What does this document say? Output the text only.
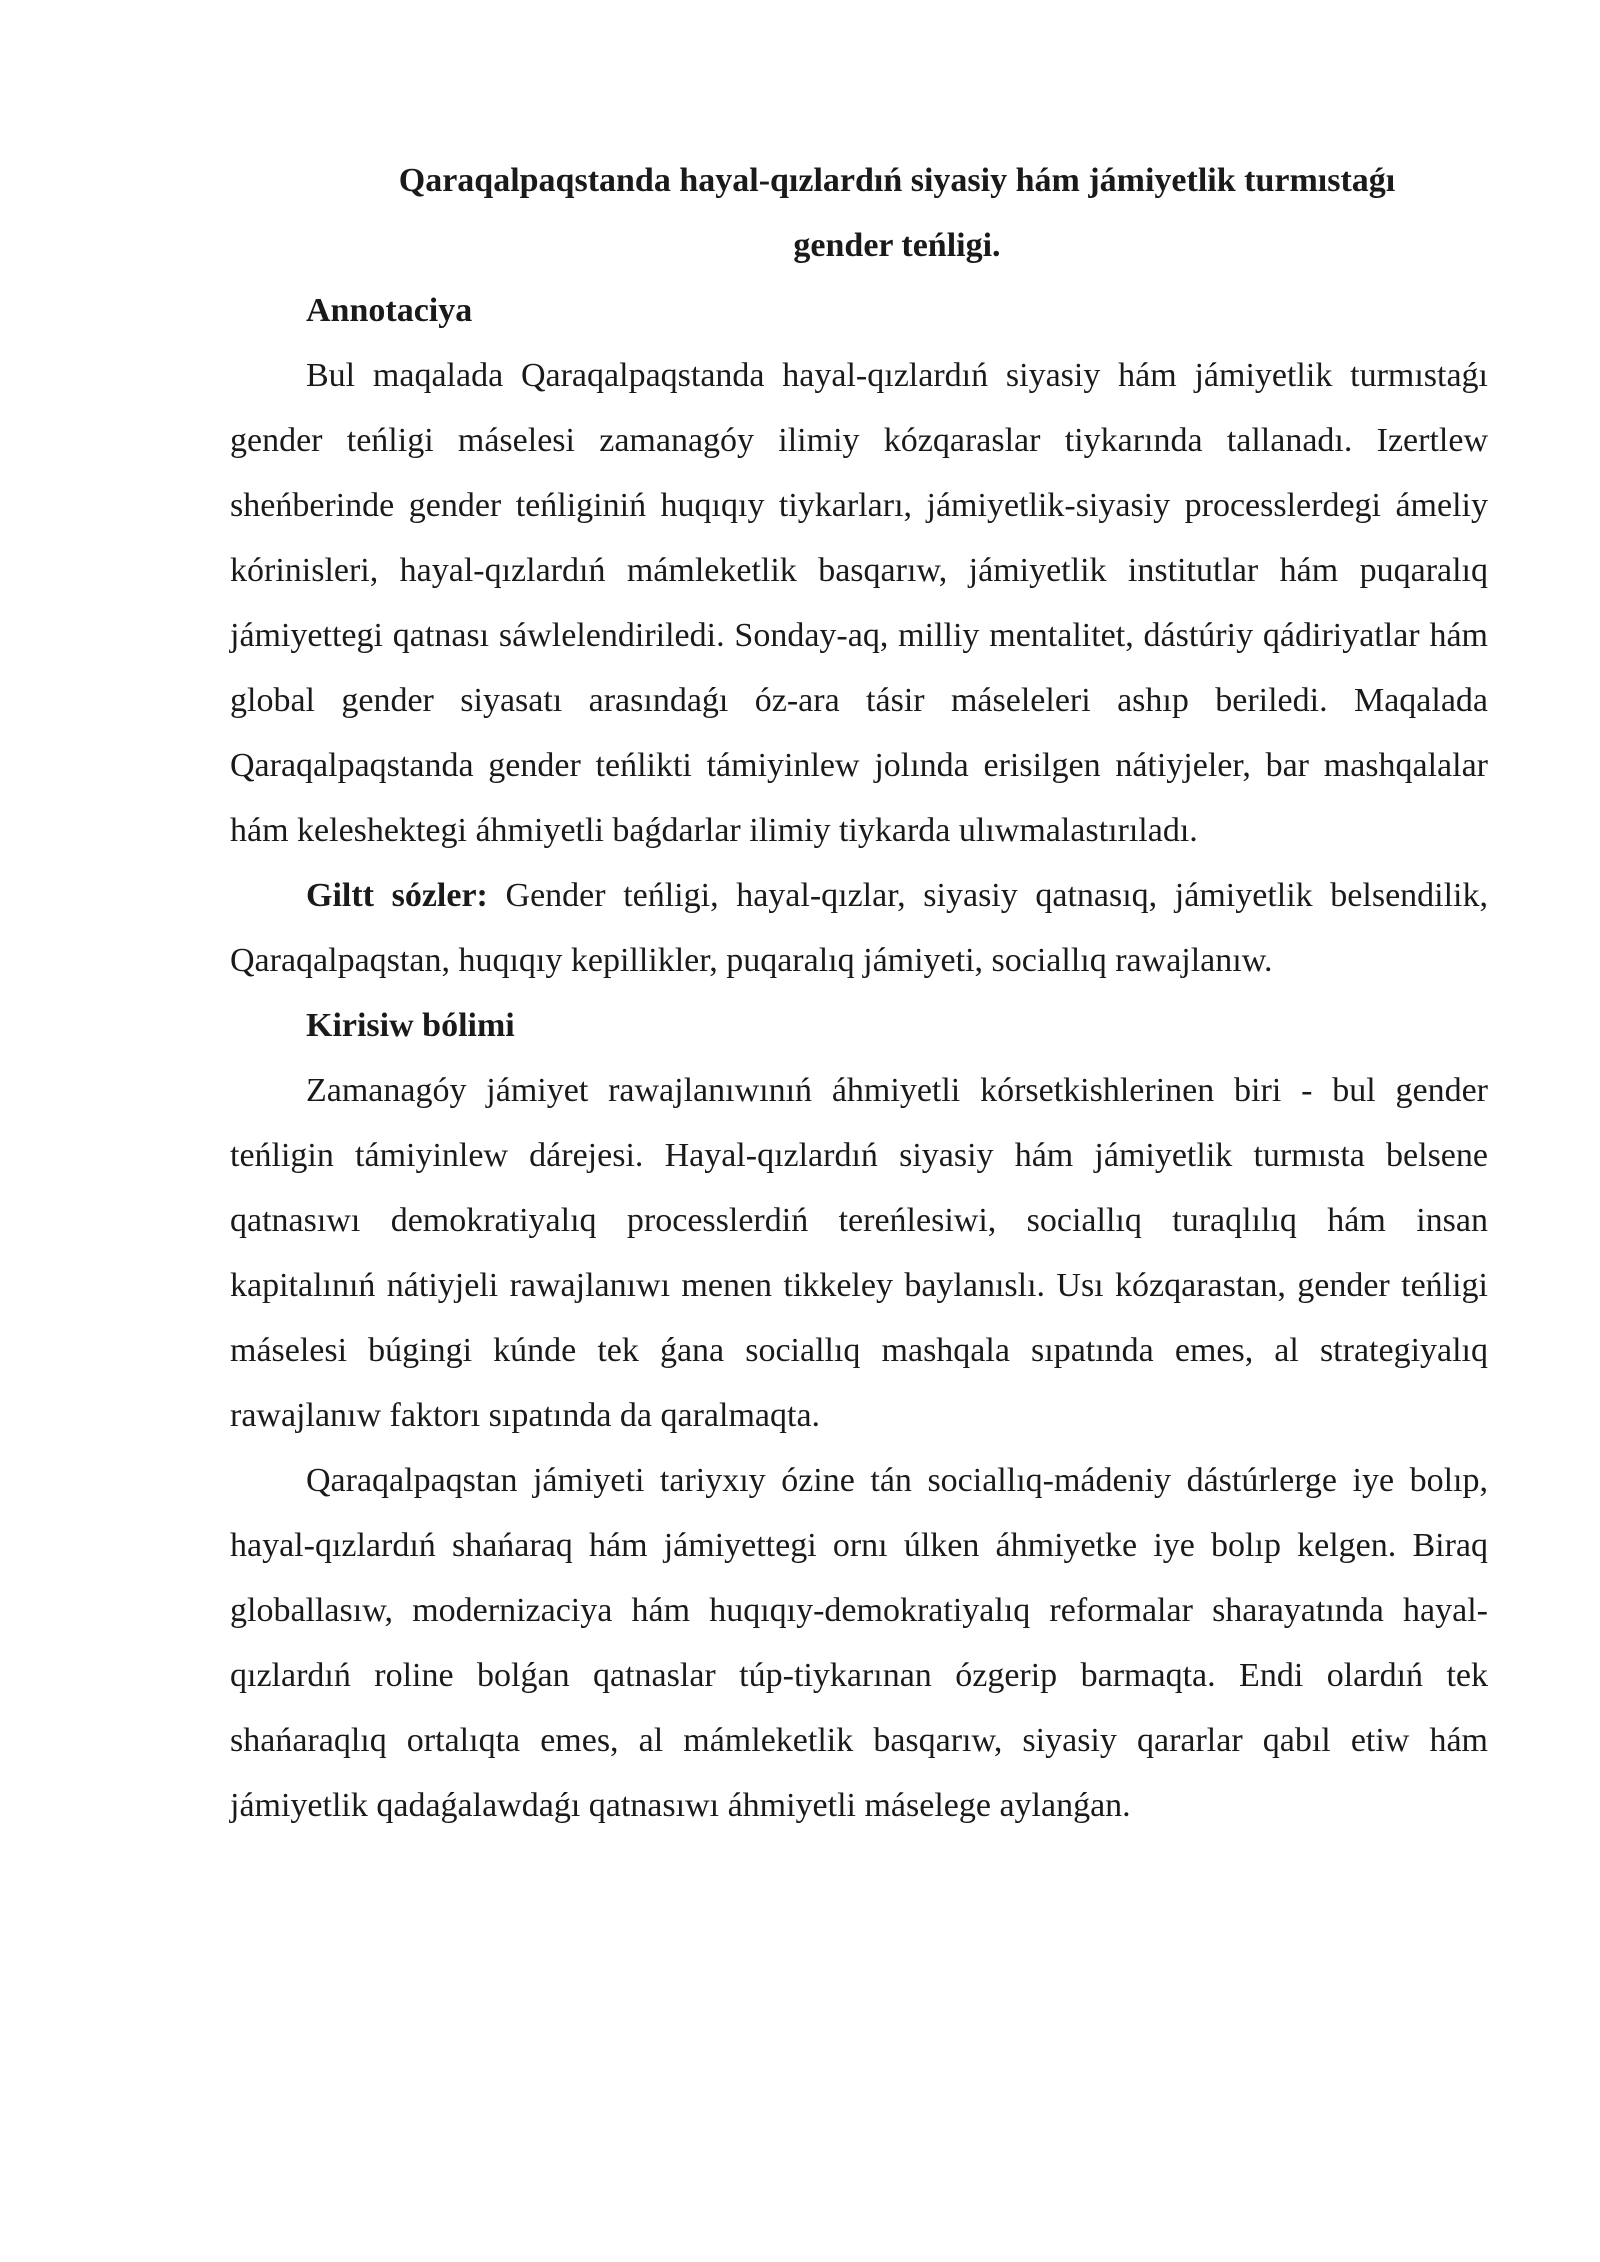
Qaraqalpaqstanda hayal-qızlardıń siyasiy hám jámiyetlik turmıstaǵı
gender teńligi.
Annotaciya

Bul maqalada Qaraqalpaqstanda hayal-qızlardıń siyasiy hám jámiyetlik turmıstaǵı gender teńligi máselesi zamanagóy ilimiy kózqaraslar tiykarında tallanadı. Izertlew sheńberinde gender teńliginiń huqıqıy tiykarları, jámiyetlik-siyasiy processlerdegi ámeliy kórinisleri, hayal-qızlardıń mámleketlik basqarıw, jámiyetlik institutlar hám puqaralıq jámiyettegi qatnası sáwlelendiriledi. Sonday-aq, milliy mentalitet, dástúriy qádiriyatlar hám global gender siyasatı arasındaǵı óz-ara tásir máseleleri ashıp beriledi. Maqalada Qaraqalpaqstanda gender teńlikti támiyinlew jolında erisilgen nátiyjeler, bar mashqalalar hám keleshektegi áhmiyetli baǵdarlar ilimiy tiykarda ulıwmalastırıladı.

Giltt sózler: Gender teńligi, hayal-qızlar, siyasiy qatnasıq, jámiyetlik belsendilik, Qaraqalpaqstan, huqıqıy kepillikler, puqaralıq jámiyeti, sociallıq rawajlanıw.

Kirisiw bólimi

Zamanagóy jámiyet rawajlanıwınıń áhmiyetli kórsetkishlerinen biri - bul gender teńligin támiyinlew dárejesi. Hayal-qızlardıń siyasiy hám jámiyetlik turmısta belsene qatnasıwı demokratiyalıq processlerdiń tereńlesiwi, sociallıq turaqlılıq hám insan kapitalınıń nátiyjeli rawajlanıwı menen tikkeley baylanıslı. Usı kózqarastan, gender teńligi máselesi búgingi kúnde tek ǵana sociallıq mashqala sıpatında emes, al strategiyalıq rawajlanıw faktorı sıpatında da qaralmaqta.

Qaraqalpaqstan jámiyeti tariyxıy ózine tán sociallıq-mádeniy dástúrlerge iye bolıp, hayal-qızlardıń shańaraq hám jámiyettegi ornı úlken áhmiyetke iye bolıp kelgen. Biraq globallasıw, modernizaciya hám huqıqıy-demokratiyalıq reformalar sharayatında hayal-qızlardıń roline bolǵan qatnaslar túp-tiykarınan ózgerip barmaqta. Endi olardıń tek shańaraqlıq ortalıqta emes, al mámleketlik basqarıw, siyasiy qararlar qabıl etiw hám jámiyetlik qadaǵalawdaǵı qatnasıwı áhmiyetli máselege aylanǵan.
